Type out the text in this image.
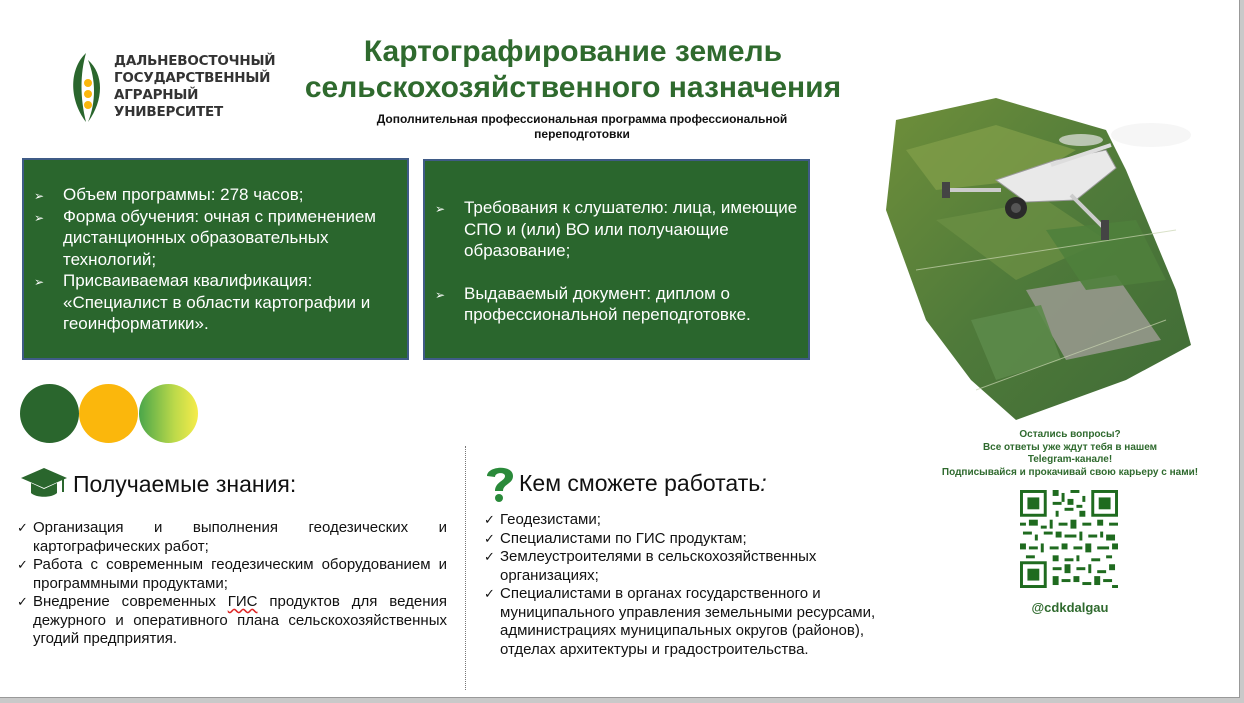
ДАЛЬНЕВОСТОЧНЫЙ
ГОСУДАРСТВЕННЫЙ
АГРАРНЫЙ
УНИВЕРСИТЕТ
Картографирование земель
сельскохозяйственного назначения
Дополнительная профессиональная программа профессиональной
переподготовки
➢ Объем программы: 278 часов;
➢ Форма обучения: очная с применением дистанционных образовательных технологий;
➢ Присваиваемая квалификация: «Специалист в области картографии и геоинформатики».
➢ Требования к слушателю: лица, имеющие СПО и (или) ВО или получающие образование;
➢ Выдаваемый документ: диплом о профессиональной переподготовке.
Остались вопросы?
Все ответы уже ждут тебя в нашем
Telegram-канале!
Подписывайся и прокачивай свою карьеру с нами!
@cdkdalgau
Получаемые знания:
✓ Организация и выполнения геодезических и картографических работ;
✓ Работа с современным геодезическим оборудованием и программными продуктами;
✓ Внедрение современных ГИС продуктов для ведения дежурного и оперативного плана сельскохозяйственных угодий предприятия.
Кем сможете работать :
✓ Геодезистами;
✓ Специалистами по ГИС продуктам;
✓ Землеустроителями в сельскохозяйственных организациях;
✓ Специалистами в органах государственного и муниципального управления земельными ресурсами, администрациях муниципальных округов (районов), отделах архитектуры и градостроительства.
